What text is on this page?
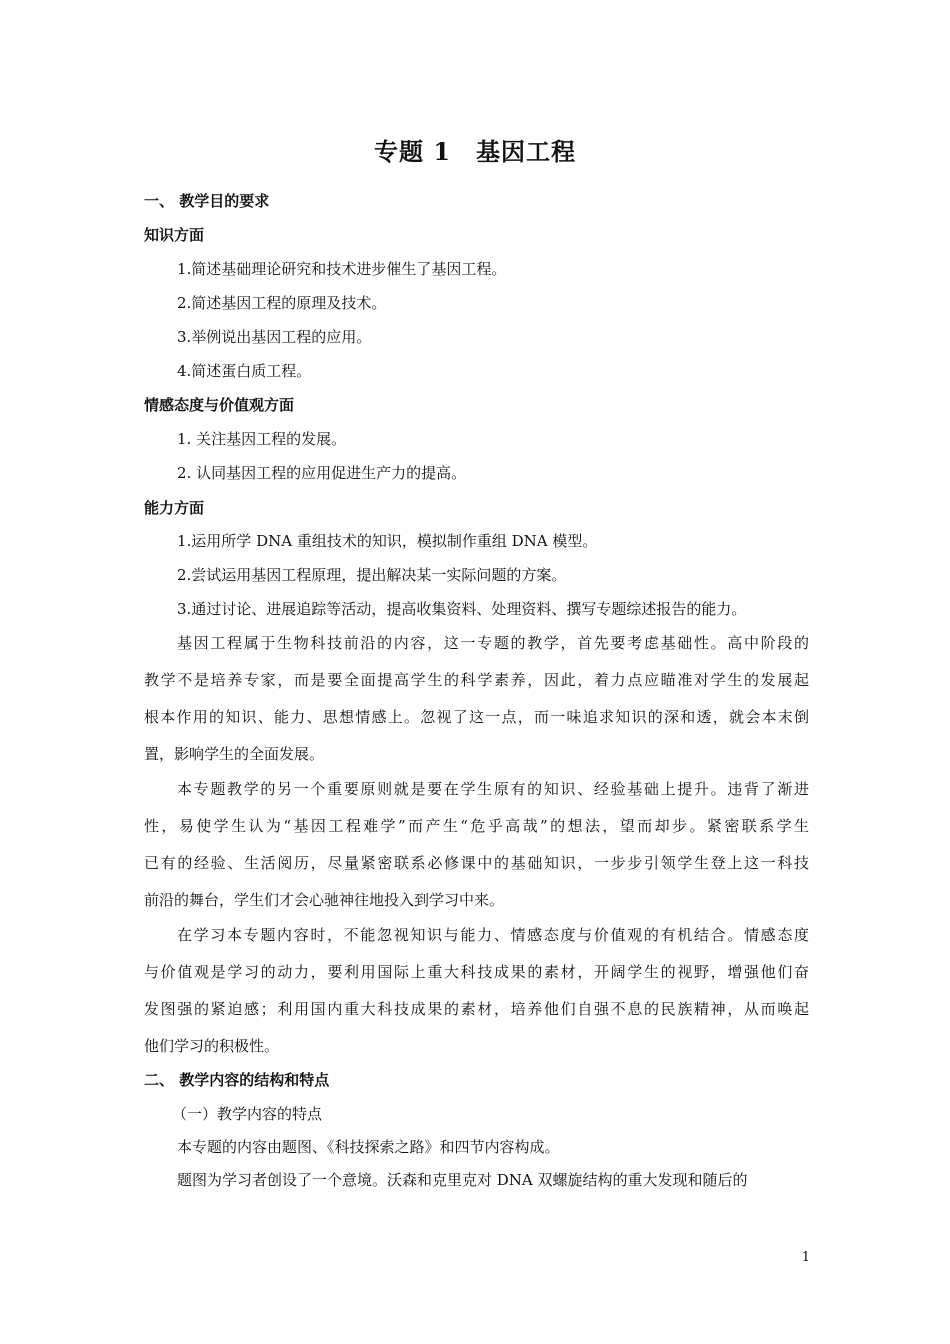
专题 1　基因工程
一、 教学目的要求
知识方面
1.简述基础理论研究和技术进步催生了基因工程。
2.简述基因工程的原理及技术。
3.举例说出基因工程的应用。
4.简述蛋白质工程。
情感态度与价值观方面
1. 关注基因工程的发展。
2. 认同基因工程的应用促进生产力的提高。
能力方面
1.运用所学 DNA 重组技术的知识，模拟制作重组 DNA 模型。
2.尝试运用基因工程原理，提出解决某一实际问题的方案。
3.通过讨论、进展追踪等活动，提高收集资料、处理资料、撰写专题综述报告的能力。
基因工程属于生物科技前沿的内容，这一专题的教学，首先要考虑基础性。高中阶段的
教学不是培养专家，而是要全面提高学生的科学素养，因此，着力点应瞄准对学生的发展起
根本作用的知识、能力、思想情感上。忽视了这一点，而一味追求知识的深和透，就会本末倒
置，影响学生的全面发展。
本专题教学的另一个重要原则就是要在学生原有的知识、经验基础上提升。违背了渐进
性，易使学生认为“基因工程难学”而产生“危乎高哉”的想法，望而却步。紧密联系学生
已有的经验、生活阅历，尽量紧密联系必修课中的基础知识，一步步引领学生登上这一科技
前沿的舞台，学生们才会心驰神往地投入到学习中来。
在学习本专题内容时，不能忽视知识与能力、情感态度与价值观的有机结合。情感态度
与价值观是学习的动力，要利用国际上重大科技成果的素材，开阔学生的视野，增强他们奋
发图强的紧迫感；利用国内重大科技成果的素材，培养他们自强不息的民族精神，从而唤起
他们学习的积极性。
二、 教学内容的结构和特点
（一）教学内容的特点
本专题的内容由题图、《科技探索之路》和四节内容构成。
题图为学习者创设了一个意境。沃森和克里克对 DNA 双螺旋结构的重大发现和随后的
1
